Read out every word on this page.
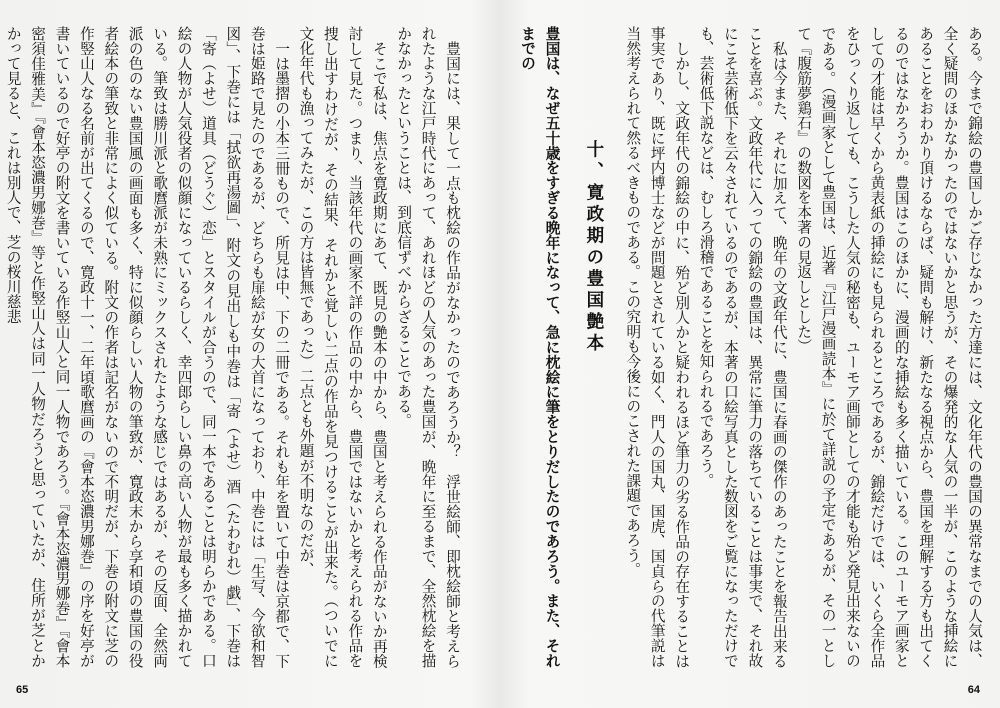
豊国には、果して一点も枕絵の作品がなかったのであろうか？　浮世絵師、即枕絵師と考えられたような江戸時代にあって、あれほどの人気のあった豊国が、晩年に至るまで、全然枕絵を描かなかったということは、到底信ずべからざることである。

そこで私は、焦点を寛政期にあて、既見の艶本の中から、豊国と考えられる作品がないか再検討して見た。つまり、当該年代の画家不詳の作品の中から、豊国ではないかと考えられる作品を捜し出すわけだが、その結果、それかと覚しい二点の作品を見つけることが出来た。（ついでに文化年代も漁ってみたが、この方は皆無であった）二点とも外題が不明なのだが、

一は墨摺の小本三冊もので、所見は中、下の二冊である。それも年を置いて中巻は京都で、下巻は姫路で見たのであるが、どちらも扉絵が女の大首になっており、中巻には「生写、今欲和智図」、下巻には「拭欲再湯圖」、附文の見出しも中巻は「寄（よせ）酒（たわむれ）戯」、下巻は「寄（よせ）道具（どうぐ）恋」とスタイルが合うので、同一本であることは明らかである。口絵の人物が人気役者の似顔になっているらしく、幸四郎らしい鼻の高い人物が最も多く描かれている。筆致は勝川派と歌麿派が未熟にミックスされたような感じではあるが、その反面、全然両派の色のない豊国風の画面も多く、特に似顔らしい人物の筆致が、寛政末から享和頃の豊国の役者絵本の筆致と非常によく似ている。附文の作者は記名がないので不明だが、下巻の附文に芝の作竪山人なる名前が出てくるので、寛政十一、二年頃歌麿画の『會本恣濃男娜巻』の序を好亭が書いているので好亭の附文を書いている作竪山人と同一人物であろう。『會本恣濃男娜巻』『會本密須佳雅美』『會本恣濃男娜巻』等と作竪山人は同一人物だろうと思っていたが、住所が芝とかかって見ると、これは別人で、芝の桜川慈悲

65

ある。今まで錦絵の豊国しかご存じなかった方達には、文化年代の豊国の異常なまでの人気は、全く疑問のほかなかったのではないかと思うが、その爆発的な人気の一半が、このような挿絵にあることをおわかり頂けるならば、疑問も解け、新たなる視点から、豊国を理解する方も出てくるのではなかろうか。豊国はこのほかに、漫画的な挿絵も多く描いている。このユーモア画家としての才能は早くから黄表紙の挿絵にも見られるところであるが、錦絵だけでは、いくら全作品をひっくり返しても、こうした人気の秘密も、ユーモア画師としての才能も殆ど発見出来ないのである。（漫画家として豊国は、近著『江戸漫画読本』に於て詳説の予定であるが、その一として『腹筋夢鶏石』の数図を本著の見返しとした）

私は今また、それに加えて、晩年の文政年代に、豊国に春画の傑作のあったことを報告出来ることを喜ぶ。文政年代に入っての錦絵の豊国は、異常に筆力の落ちていることは事実で、それ故にこそ芸術低下を云々されているのであるが、本著の口絵写真とした数図をご覧になっただけでも、芸術低下説などは、むしろ滑稽であることを知られるであろう。

しかし、文政年代の錦絵の中に、殆ど別人かと疑われるほど筆力の劣る作品の存在することは事実であり、既に坪内博士などが問題とされている如く、門人の国丸、国虎、国貞らの代筆説は当然考えられて然るべきものである。この究明も今後にのこされた課題であろう。

十、寛政期の豊国艶本

豊国は、なぜ五十歳をすぎる晩年になって、急に枕絵に筆をとりだしたのであろう。また、それまでの

64
